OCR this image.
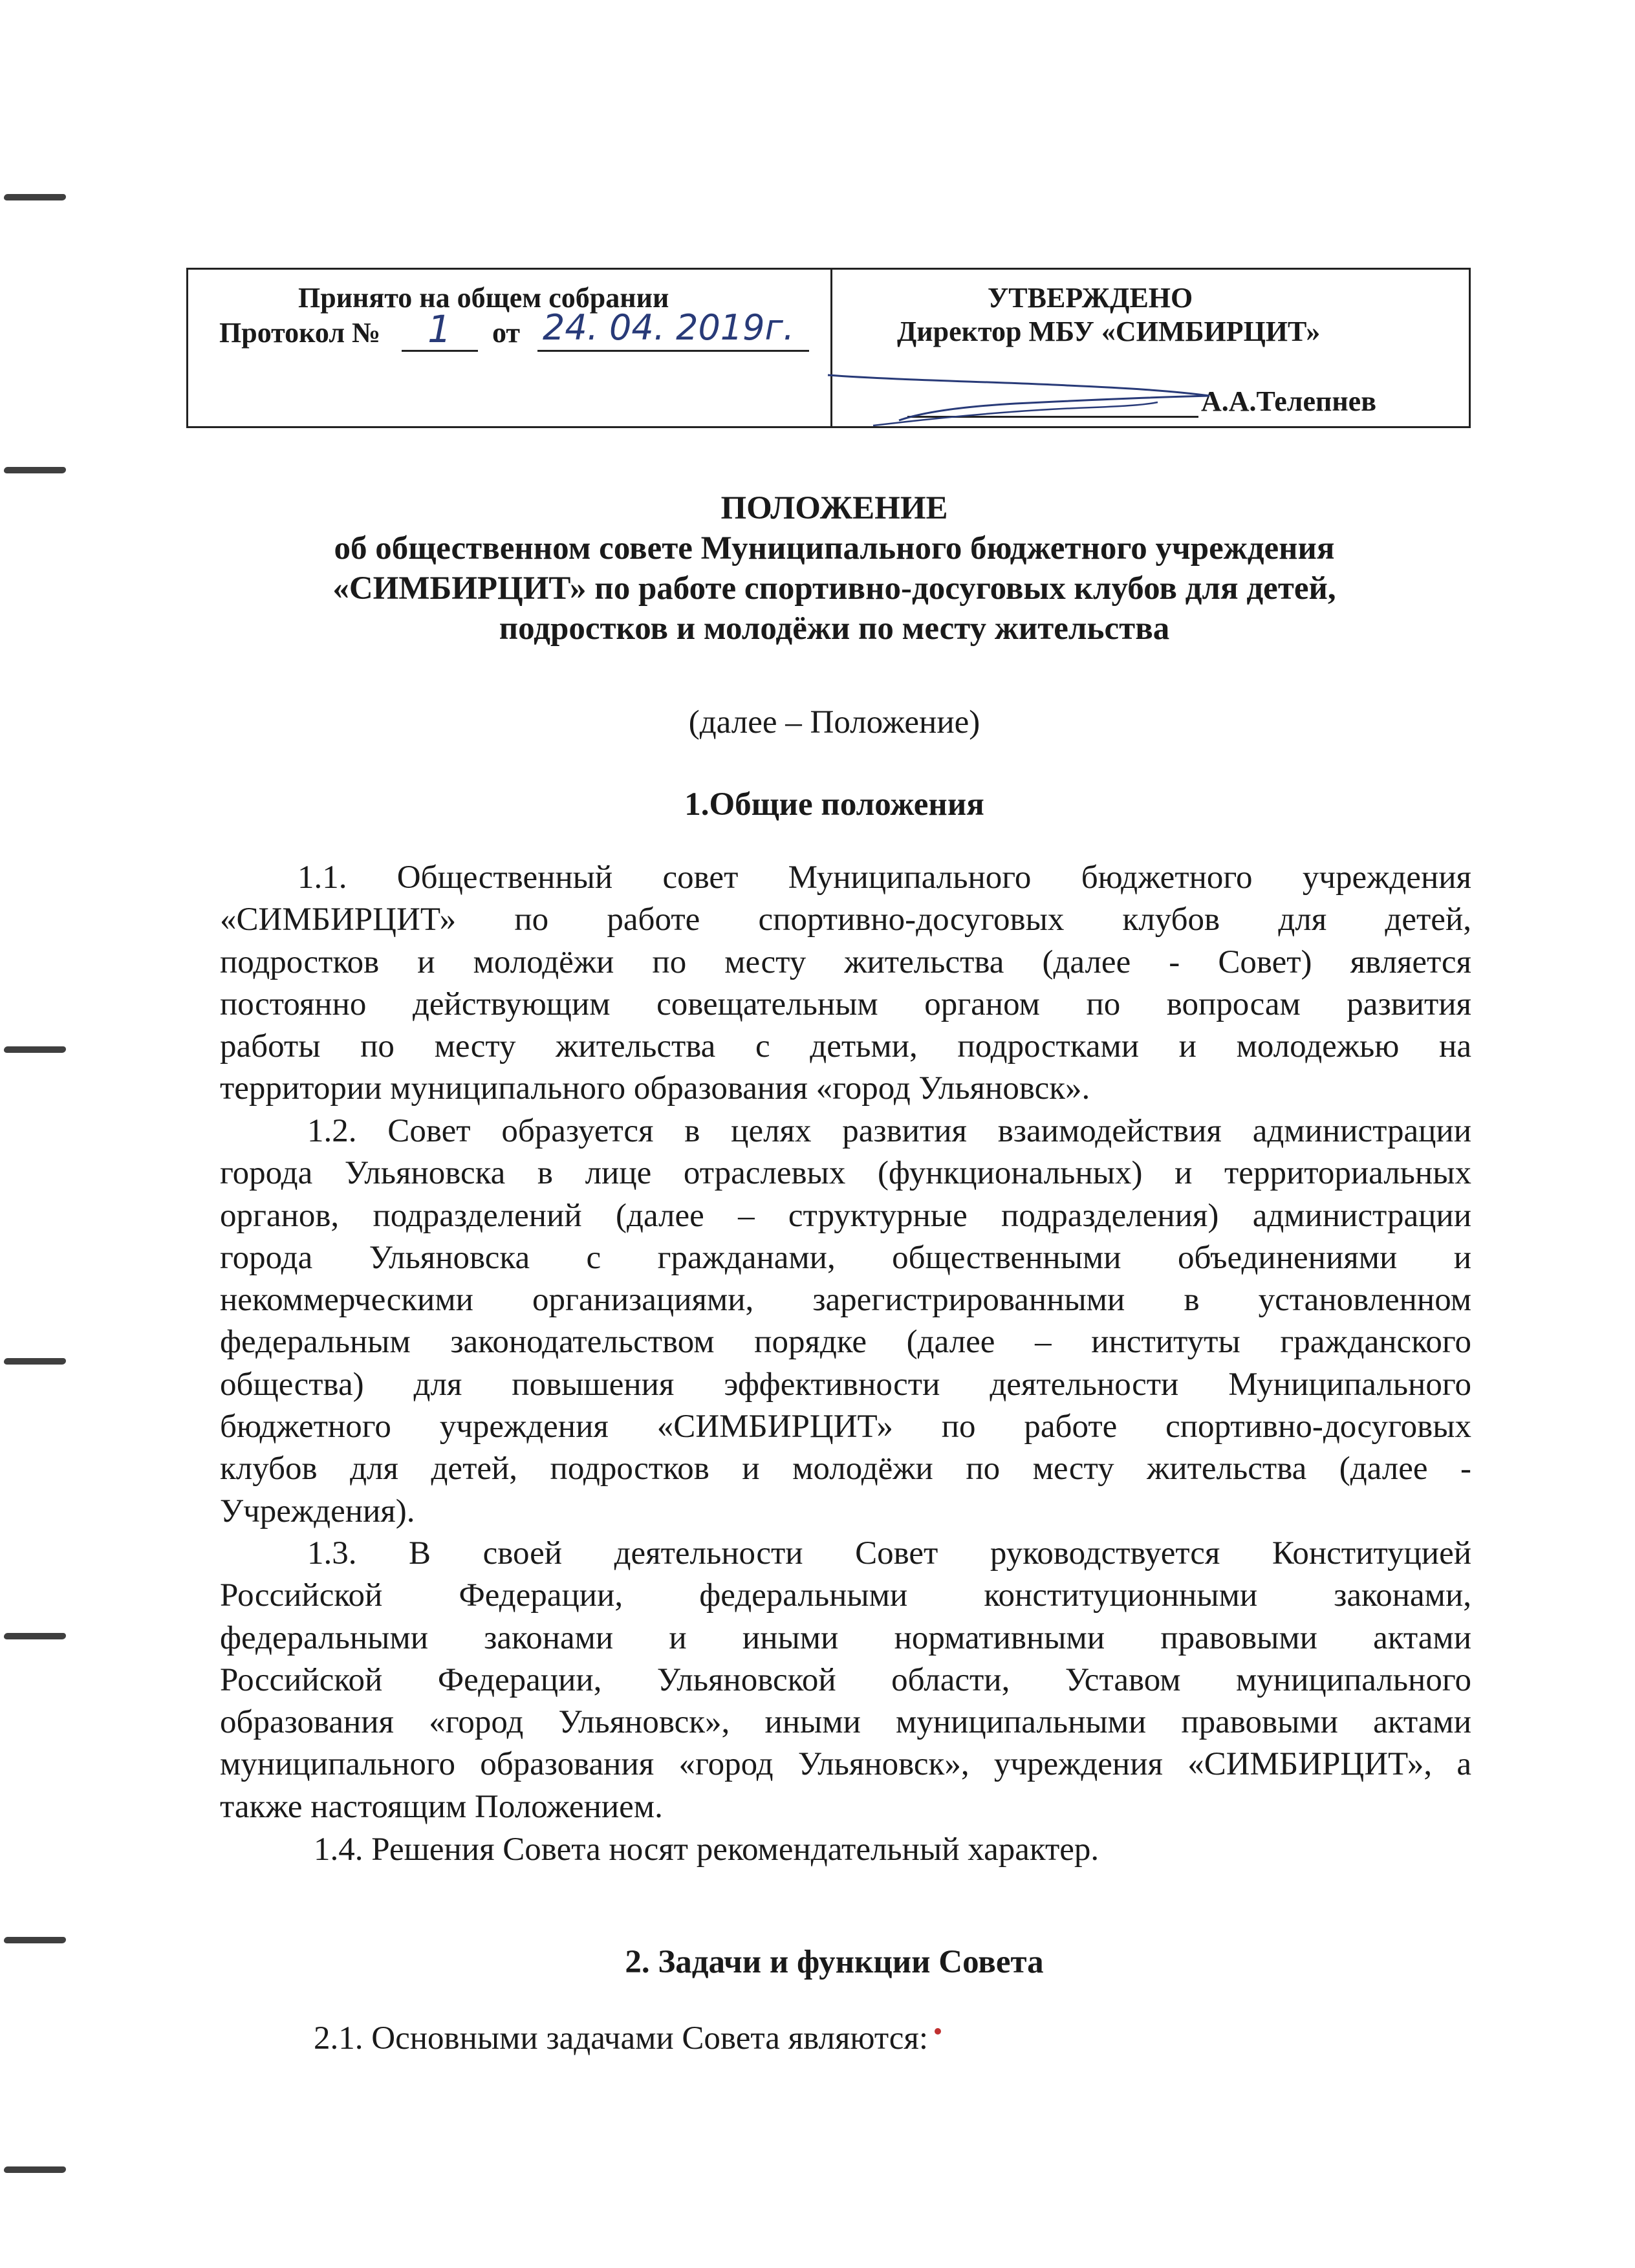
Принято на общем собрании
Протокол № 1 от 24. 04. 2019г.
УТВЕРЖДЕНО
Директор МБУ «СИМБИРЦИТ»
А.А.Телепнев
ПОЛОЖЕНИЕ
об общественном совете Муниципального бюджетного учреждения
«СИМБИРЦИТ» по работе спортивно-досуговых клубов для детей,
подростков и молодёжи по месту жительства
(далее – Положение)
1.Общие положения
1.1. Общественный совет Муниципального бюджетного учреждения
«СИМБИРЦИТ» по работе спортивно-досуговых клубов для детей,
подростков и молодёжи по месту жительства (далее - Совет) является
постоянно действующим совещательным органом по вопросам развития
работы по месту жительства с детьми, подростками и молодежью на
территории муниципального образования «город Ульяновск».
1.2. Совет образуется в целях развития взаимодействия администрации
города Ульяновска в лице отраслевых (функциональных) и территориальных
органов, подразделений (далее – структурные подразделения) администрации
города Ульяновска с гражданами, общественными объединениями и
некоммерческими организациями, зарегистрированными в установленном
федеральным законодательством порядке (далее – институты гражданского
общества) для повышения эффективности деятельности Муниципального
бюджетного учреждения «СИМБИРЦИТ» по работе спортивно-досуговых
клубов для детей, подростков и молодёжи по месту жительства (далее -
Учреждения).
1.3. В своей деятельности Совет руководствуется Конституцией
Российской Федерации, федеральными конституционными законами,
федеральными законами и иными нормативными правовыми актами
Российской Федерации, Ульяновской области, Уставом муниципального
образования «город Ульяновск», иными муниципальными правовыми актами
муниципального образования «город Ульяновск», учреждения «СИМБИРЦИТ», а
также настоящим Положением.
1.4. Решения Совета носят рекомендательный характер.
2. Задачи и функции Совета
2.1. Основными задачами Совета являются:
